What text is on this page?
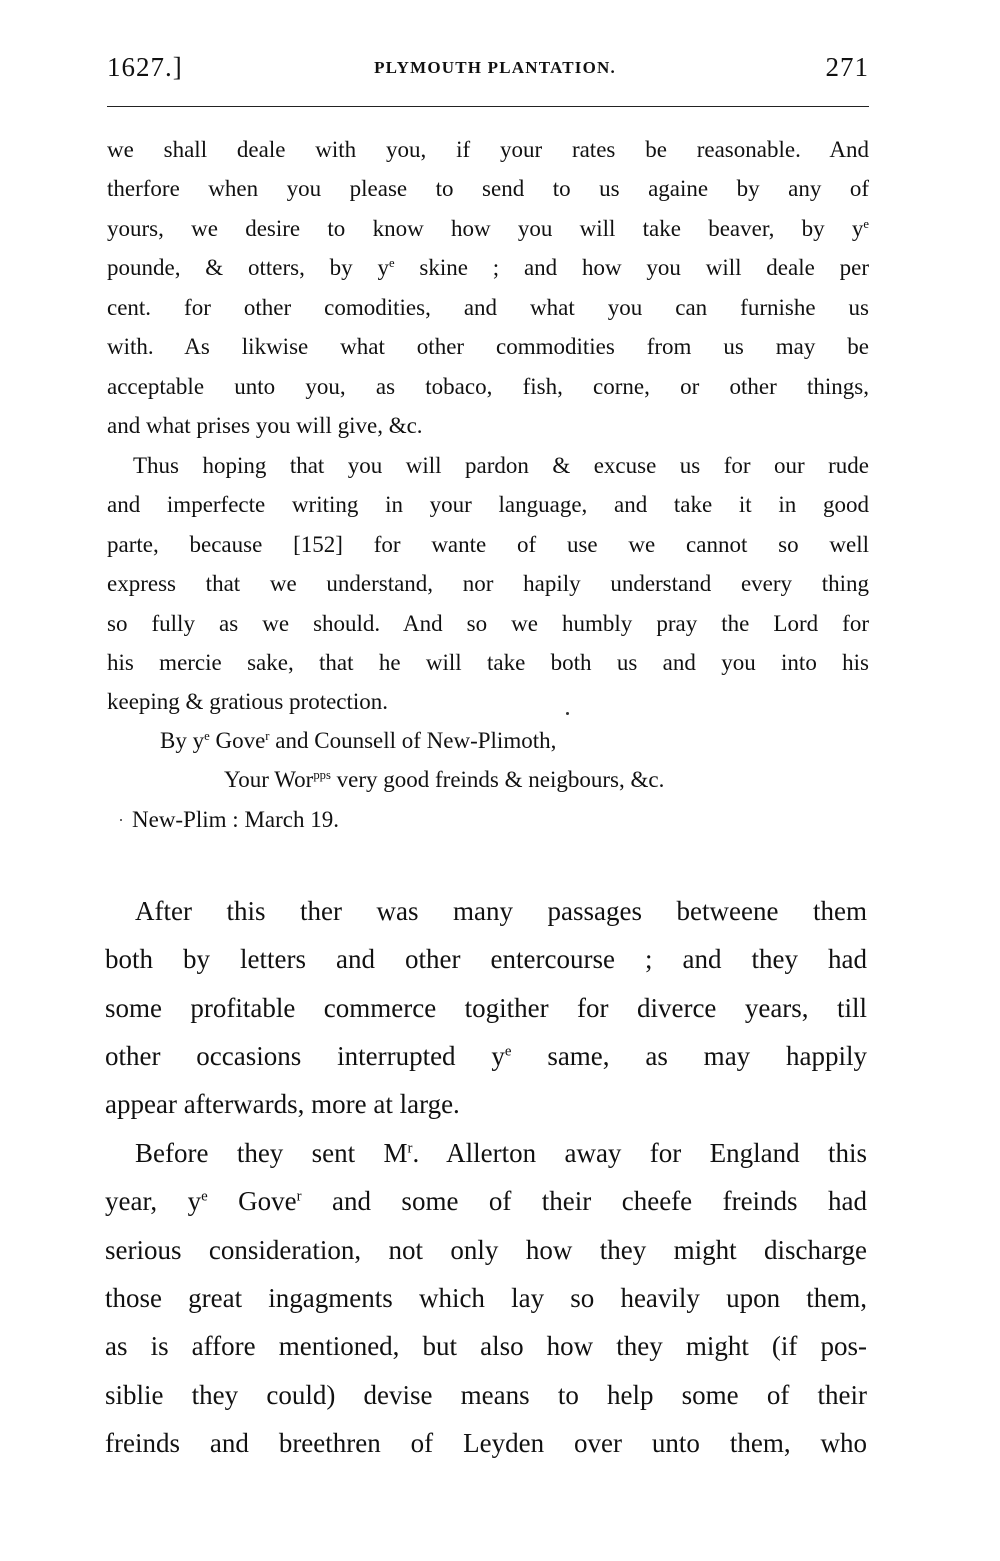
1627.]	PLYMOUTH PLANTATION.	271
we shall deale with you, if your rates be reasonable. And
therfore when you please to send to us againe by any of
yours, we desire to know how you will take beaver, by $y^e$
pounde, & otters, by $y^e$ skine ; and how you will deale per
cent. for other comodities, and what you can furnishe us
with. As likwise what other commodities from us may be
acceptable unto you, as tobaco, fish, corne, or other things,
and what prises you will give, &c.
Thus hoping that you will pardon & excuse us for our rude
and imperfecte writing in your language, and take it in good
parte, because [152] for wante of use we cannot so well
express that we understand, nor hapily understand every thing
so fully as we should. And so we humbly pray the Lord for
his mercie sake, that he will take both us and you into his
keeping & gratious protection.
By $y^e$ Gove$^r$ and Counsell of New-Plimoth,
Your Wor$^{pps}$ very good freinds & neigbours, &c.
New-Plim : March 19.
After this ther was many passages betweene them
both by letters and other entercourse ; and they had
some profitable commerce togither for diverce years, till
other occasions interrupted $y^e$ same, as may happily
appear afterwards, more at large.
Before they sent $M^r$. Allerton away for England this
year, $y^e$ Gove$^r$ and some of their cheefe freinds had
serious consideration, not only how they might discharge
those great ingagments which lay so heavily upon them,
as is affore mentioned, but also how they might (if pos-
siblie they could) devise means to help some of their
freinds and breethren of Leyden over unto them, who
